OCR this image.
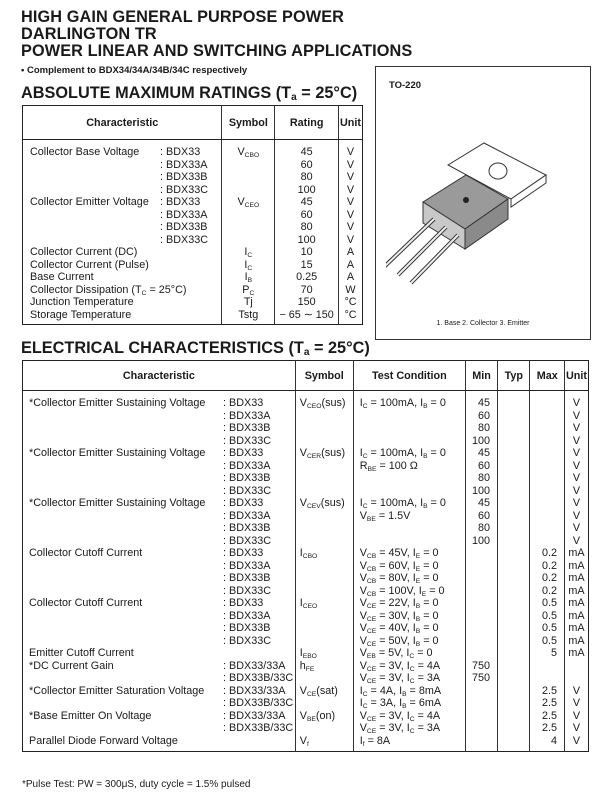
HIGH GAIN GENERAL PURPOSE POWER
DARLINGTON TR
POWER LINEAR AND SWITCHING APPLICATIONS
• Complement to BDX34/34A/34B/34C respectively
ABSOLUTE MAXIMUM RATINGS $(T_a = 25^\circ C)$
Characteristic	Symbol	Rating	Unit
Collector Base Voltage : BDX33	$V_{CBO}$	45	V
: BDX33A		60	V
: BDX33B		80	V
: BDX33C		100	V
Collector Emitter Voltage : BDX33	$V_{CEO}$	45	V
: BDX33A		60	V
: BDX33B		80	V
: BDX33C		100	V
Collector Current (DC)	$I_C$	10	A
Collector Current (Pulse)	$I_C$	15	A
Base Current	$I_B$	0.25	A
Collector Dissipation $(T_C = 25^\circ C)$	$P_C$	70	W
Junction Temperature	Tj	150	°C
Storage Temperature	Tstg	− 65 ∼ 150	°C
TO-220
1. Base 2. Collector 3. Emitter
ELECTRICAL CHARACTERISTICS $(T_a = 25^\circ C)$
Characteristic	Symbol	Test Condition	Min	Typ	Max	Unit
*Collector Emitter Sustaining Voltage : BDX33	$V_{CEO}(sus)$	$I_C = 100mA$, $I_B = 0$	45			V
: BDX33A			60			V
: BDX33B			80			V
: BDX33C			100			V
*Collector Emitter Sustaining Voltage : BDX33	$V_{CER}(sus)$	$I_C = 100mA$, $I_B = 0$	45			V
: BDX33A		$R_{BE} = 100$ Ω	60			V
: BDX33B			80			V
: BDX33C			100			V
*Collector Emitter Sustaining Voltage : BDX33	$V_{CEV}(sus)$	$I_C = 100mA$, $I_B = 0$	45			V
: BDX33A		$V_{BE} = 1.5V$	60			V
: BDX33B			80			V
: BDX33C			100			V
Collector Cutoff Current : BDX33	$I_{CBO}$	$V_{CB} = 45V$, $I_E = 0$			0.2	mA
: BDX33A		$V_{CB} = 60V$, $I_E = 0$			0.2	mA
: BDX33B		$V_{CB} = 80V$, $I_E = 0$			0.2	mA
: BDX33C		$V_{CB} = 100V$, $I_E = 0$			0.2	mA
Collector Cutoff Current : BDX33	$I_{CEO}$	$V_{CE} = 22V$, $I_B = 0$			0.5	mA
: BDX33A		$V_{CE} = 30V$, $I_B = 0$			0.5	mA
: BDX33B		$V_{CE} = 40V$, $I_B = 0$			0.5	mA
: BDX33C		$V_{CE} = 50V$, $I_B = 0$			0.5	mA
Emitter Cutoff Current	$I_{EBO}$	$V_{EB} = 5V$, $I_C = 0$			5	mA
*DC Current Gain : BDX33/33A	$h_{FE}$	$V_{CE} = 3V$, $I_C = 4A$	750			
: BDX33B/33C		$V_{CE} = 3V$, $I_C = 3A$	750			
*Collector Emitter Saturation Voltage : BDX33/33A	$V_{CE}(sat)$	$I_C = 4A$, $I_B = 8mA$			2.5	V
: BDX33B/33C		$I_C = 3A$, $I_B = 6mA$			2.5	V
*Base Emitter On Voltage : BDX33/33A	$V_{BE}(on)$	$V_{CE} = 3V$, $I_C = 4A$			2.5	V
: BDX33B/33C		$V_{CE} = 3V$, $I_C = 3A$			2.5	V
Parallel Diode Forward Voltage	$V_f$	$I_f = 8A$			4	V
*Pulse Test: PW = 300μS, duty cycle = 1.5% pulsed
